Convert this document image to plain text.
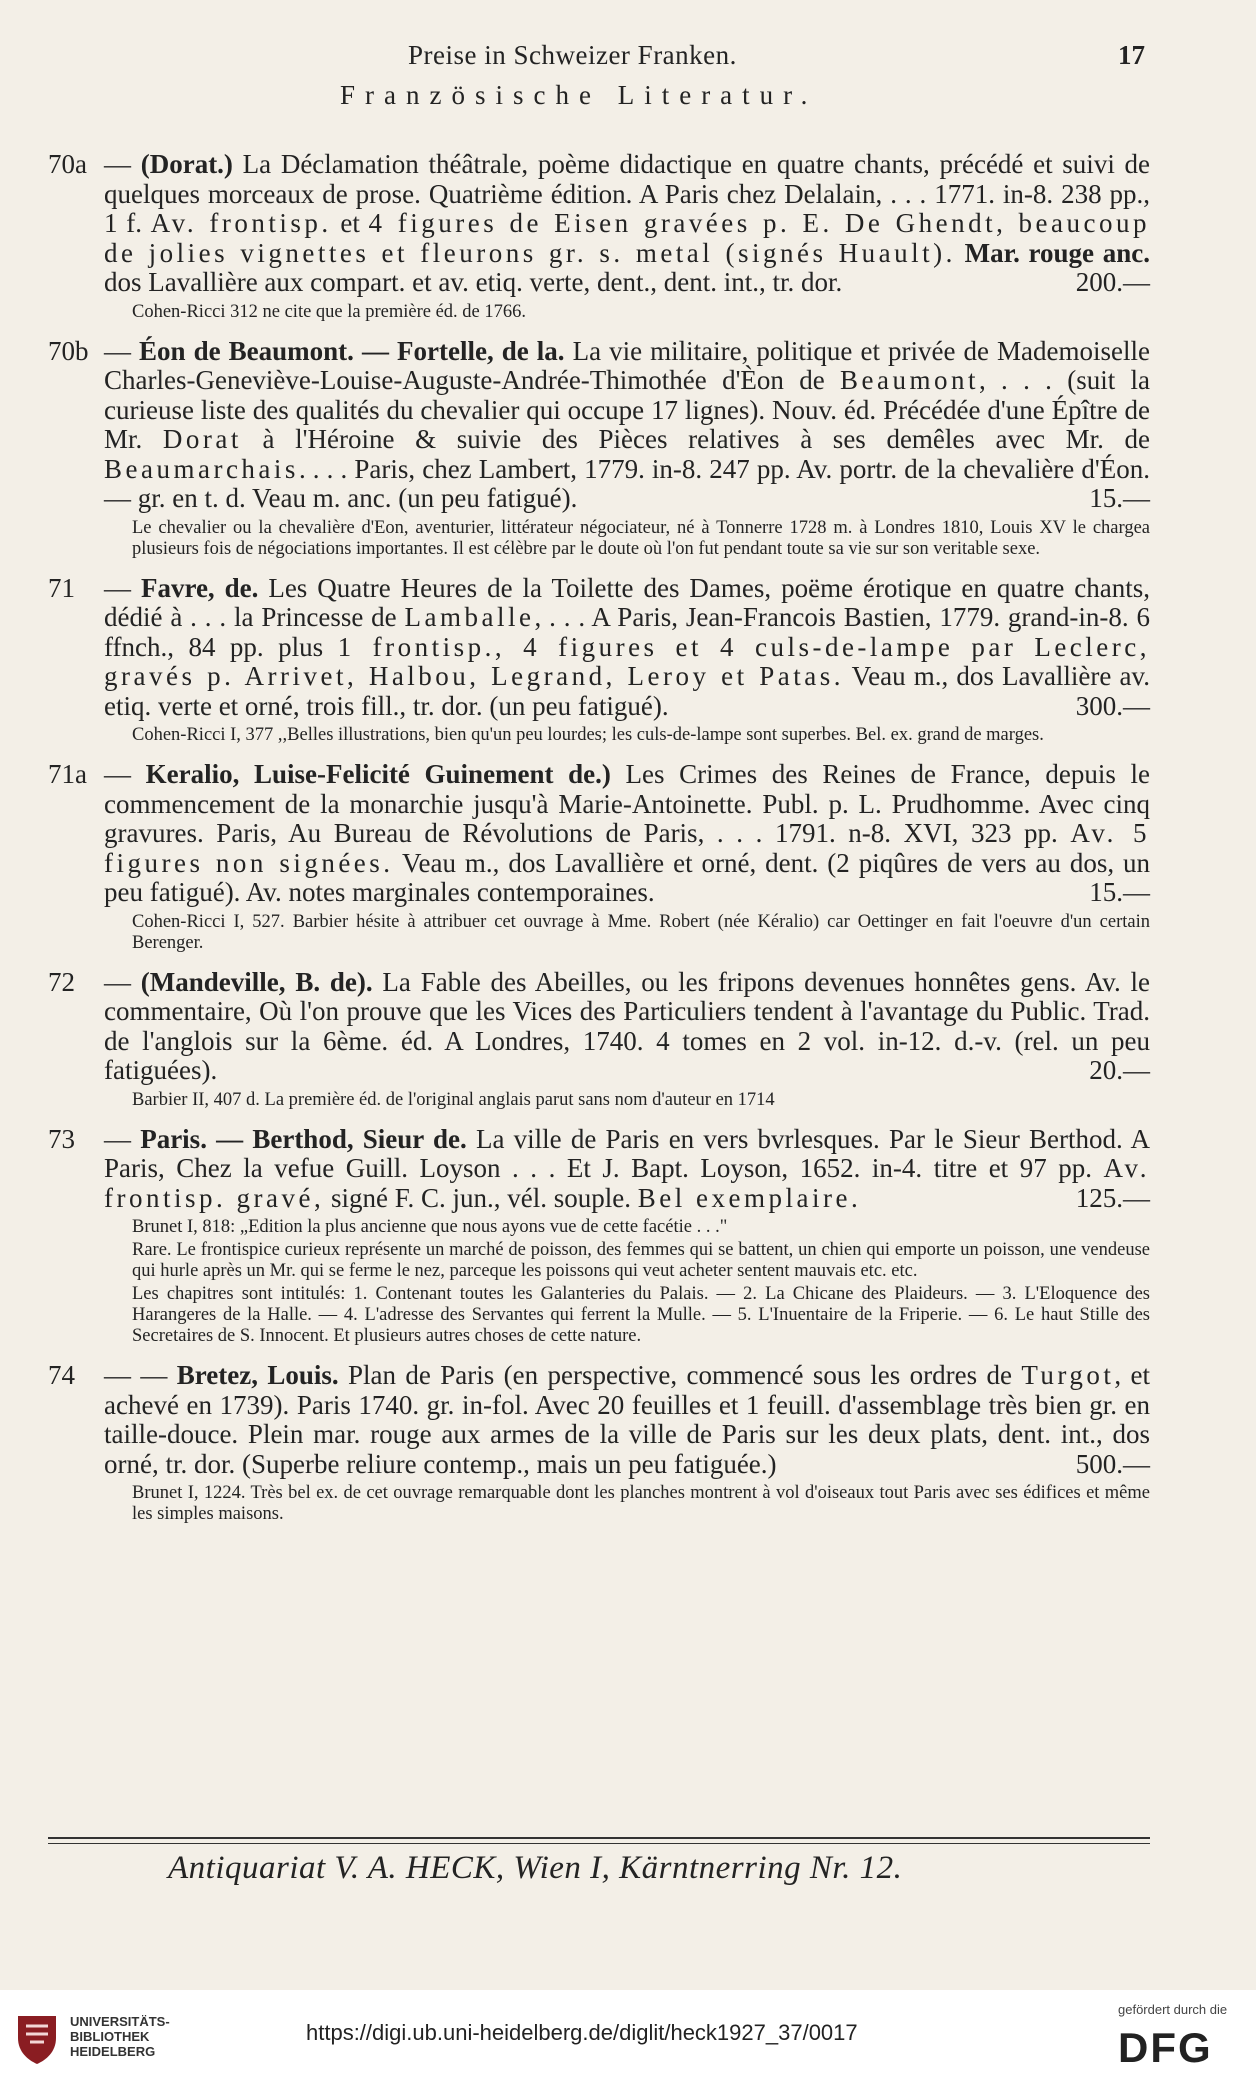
Preise in Schweizer Franken.	17
Französische Literatur.
70a — (Dorat.) La Déclamation théâtrale, poème didactique en quatre chants, précédé et suivi de quelques morceaux de prose. Quatrième édition. A Paris chez Delalain, . . . 1771. in-8. 238 pp., 1 f. Av. frontisp. et 4 figures de Eisen gravées p. E. De Ghendt, beaucoup de jolies vignettes et fleurons gr. s. metal (signés Huault). Mar. rouge anc. dos Lavallière aux compart. et av. etiq. verte, dent., dent. int., tr. dor.	200.—
Cohen-Ricci 312 ne cite que la première éd. de 1766.
70b — Éon de Beaumont. — Fortelle, de la. La vie militaire, politique et privée de Mademoiselle Charles-Geneviève-Louise-Auguste-Andrée-Thimothée d'Èon de Beaumont, . . . (suit la curieuse liste des qualités du chevalier qui occupe 17 lignes). Nouv. éd. Précédée d'une Épître de Mr. Dorat à l'Héroine & suivie des Pièces relatives à ses demêles avec Mr. de Beaumarchais. . . . Paris, chez Lambert, 1779. in-8. 247 pp. Av. portr. de la chevalière d'Éon. — gr. en t. d. Veau m. anc. (un peu fatigué).	15.—
Le chevalier ou la chevalière d'Eon, aventurier, littérateur négociateur, né à Tonnerre 1728 m. à Londres 1810, Louis XV le chargea plusieurs fois de négociations importantes. Il est célèbre par le doute où l'on fut pendant toute sa vie sur son veritable sexe.
71	— Favre, de. Les Quatre Heures de la Toilette des Dames, poëme érotique en quatre chants, dédié à . . . la Princesse de Lamballe, . . . A Paris, Jean-Francois Bastien, 1779. grand-in-8. 6 ffnch., 84 pp. plus 1 frontisp., 4 figures et 4 culs-de-lampe par Leclerc, gravés p. Arrivet, Halbou, Legrand, Leroy et Patas. Veau m., dos Lavallière av. etiq. verte et orné, trois fill., tr. dor. (un peu fatigué).	300.—
Cohen-Ricci I, 377 ,,Belles illustrations, bien qu'un peu lourdes; les culs-de-lampe sont superbes. Bel. ex. grand de marges.
71a — Keralio, Luise-Felicité Guinement de.) Les Crimes des Reines de France, depuis le commencement de la monarchie jusqu'à Marie-Antoinette. Publ. p. L. Prudhomme. Avec cinq gravures. Paris, Au Bureau de Révolutions de Paris, . . . 1791. n-8. XVI, 323 pp. Av. 5 figures non signées. Veau m., dos Lavallière et orné, dent. (2 piqûres de vers au dos, un peu fatigué). Av. notes marginales contemporaines.	15.—
Cohen-Ricci I, 527. Barbier hésite à attribuer cet ouvrage à Mme. Robert (née Kéralio) car Oettinger en fait l'oeuvre d'un certain Berenger.
72	— (Mandeville, B. de). La Fable des Abeilles, ou les fripons devenues honnêtes gens. Av. le commentaire, Où l'on prouve que les Vices des Particuliers tendent à l'avantage du Public. Trad. de l'anglois sur la 6ème. éd. A Londres, 1740. 4 tomes en 2 vol. in-12. d.-v. (rel. un peu fatiguées).	20.—
Barbier II, 407 d. La première éd. de l'original anglais parut sans nom d'auteur en 1714
73	— Paris. — Berthod, Sieur de. La ville de Paris en vers bvrlesques. Par le Sieur Berthod. A Paris, Chez la vefue Guill. Loyson . . . Et J. Bapt. Loyson, 1652. in-4. titre et 97 pp. Av. frontisp. gravé, signé F. C. jun., vél. souple. Bel exemplaire.	125.—
Brunet I, 818: „Edition la plus ancienne que nous ayons vue de cette facétie . . ."
Rare. Le frontispice curieux représente un marché de poisson, des femmes qui se battent, un chien qui emporte un poisson, une vendeuse qui hurle après un Mr. qui se ferme le nez, parceque les poissons qui veut acheter sentent mauvais etc. etc.
Les chapitres sont intitulés: 1. Contenant toutes les Galanteries du Palais. — 2. La Chicane des Plaideurs. — 3. L'Eloquence des Harangeres de la Halle. — 4. L'adresse des Servantes qui ferrent la Mulle. — 5. L'Inuentaire de la Friperie. — 6. Le haut Stille des Secretaires de S. Innocent. Et plusieurs autres choses de cette nature.
74	— — Bretez, Louis. Plan de Paris (en perspective, commencé sous les ordres de Turgot, et achevé en 1739). Paris 1740. gr. in-fol. Avec 20 feuilles et 1 feuill. d'assemblage très bien gr. en taille-douce. Plein mar. rouge aux armes de la ville de Paris sur les deux plats, dent. int., dos orné, tr. dor. (Superbe reliure contemp., mais un peu fatiguée.)	500.—
Brunet I, 1224. Très bel ex. de cet ouvrage remarquable dont les planches montrent à vol d'oiseaux tout Paris avec ses édifices et même les simples maisons.
Antiquariat V. A. HECK, Wien I, Kärntnerring Nr. 12.
UNIVERSITÄTS-
BIBLIOTHEK
HEIDELBERG
https://digi.ub.uni-heidelberg.de/diglit/heck1927_37/0017
gefördert durch die
DFG
